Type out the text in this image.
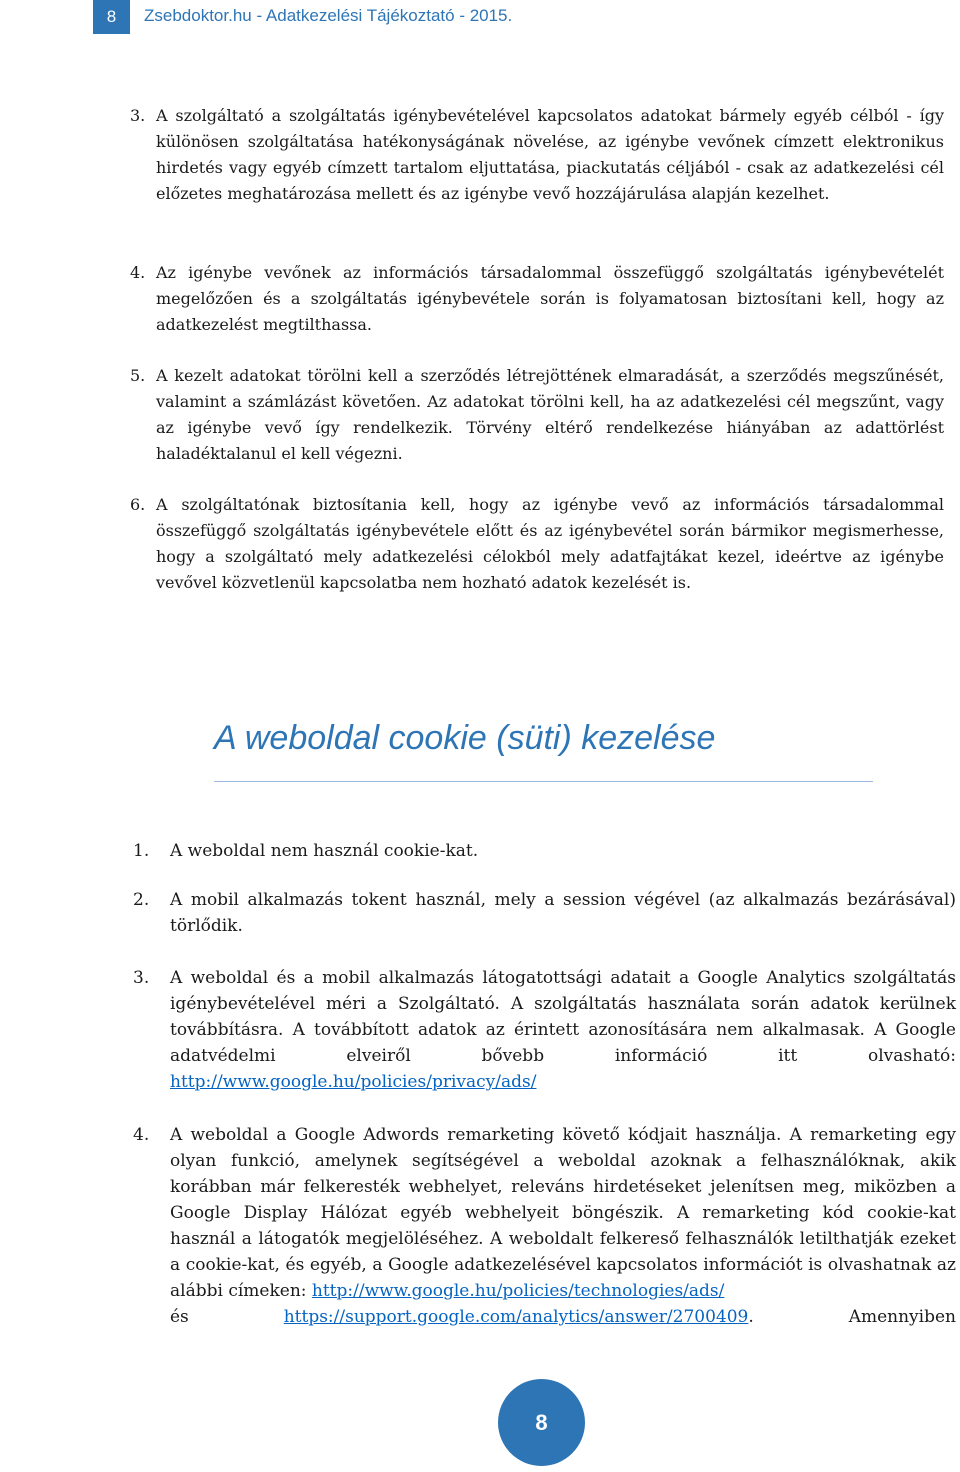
8	Zsebdoktor.hu - Adatkezelési Tájékoztató - 2015.
3. A szolgáltató a szolgáltatás igénybevételével kapcsolatos adatokat bármely egyéb célból - így különösen szolgáltatása hatékonyságának növelése, az igénybe vevőnek címzett elektronikus hirdetés vagy egyéb címzett tartalom eljuttatása, piackutatás céljából - csak az adatkezelési cél előzetes meghatározása mellett és az igénybe vevő hozzájárulása alapján kezelhet.
4. Az igénybe vevőnek az információs társadalommal összefüggő szolgáltatás igénybevételét megelőzően és a szolgáltatás igénybevétele során is folyamatosan biztosítani kell, hogy az adatkezelést megtilthassa.
5. A kezelt adatokat törölni kell a szerződés létrejöttének elmaradását, a szerződés megszűnését, valamint a számlázást követően. Az adatokat törölni kell, ha az adatkezelési cél megszűnt, vagy az igénybe vevő így rendelkezik. Törvény eltérő rendelkezése hiányában az adattörlést haladéktalanul el kell végezni.
6. A szolgáltatónak biztosítania kell, hogy az igénybe vevő az információs társadalommal összefüggő szolgáltatás igénybevétele előtt és az igénybevétel során bármikor megismerhesse, hogy a szolgáltató mely adatkezelési célokból mely adatfajtákat kezel, ideértve az igénybe vevővel közvetlenül kapcsolatba nem hozható adatok kezelését is.
A weboldal cookie (süti) kezelése
1. A weboldal nem használ cookie-kat.
2. A mobil alkalmazás tokent használ, mely a session végével (az alkalmazás bezárásával) törlődik.
3. A weboldal és a mobil alkalmazás látogatottsági adatait a Google Analytics szolgáltatás igénybevételével méri a Szolgáltató. A szolgáltatás használata során adatok kerülnek továbbításra. A továbbított adatok az érintett azonosítására nem alkalmasak. A Google adatvédelmi elveiről bővebb információ itt olvasható: http://www.google.hu/policies/privacy/ads/
4. A weboldal a Google Adwords remarketing követő kódjait használja. A remarketing egy olyan funkció, amelynek segítségével a weboldal azoknak a felhasználóknak, akik korábban már felkeresték webhelyet, releváns hirdetéseket jelenítsen meg, miközben a Google Display Hálózat egyéb webhelyeit böngészik. A remarketing kód cookie-kat használ a látogatók megjelöléséhez. A weboldalt felkereső felhasználók letilthatják ezeket a cookie-kat, és egyéb, a Google adatkezelésével kapcsolatos információt is olvashatnak az alábbi címeken: http://www.google.hu/policies/technologies/ads/
és	https://support.google.com/analytics/answer/2700409.	Amennyiben
8
